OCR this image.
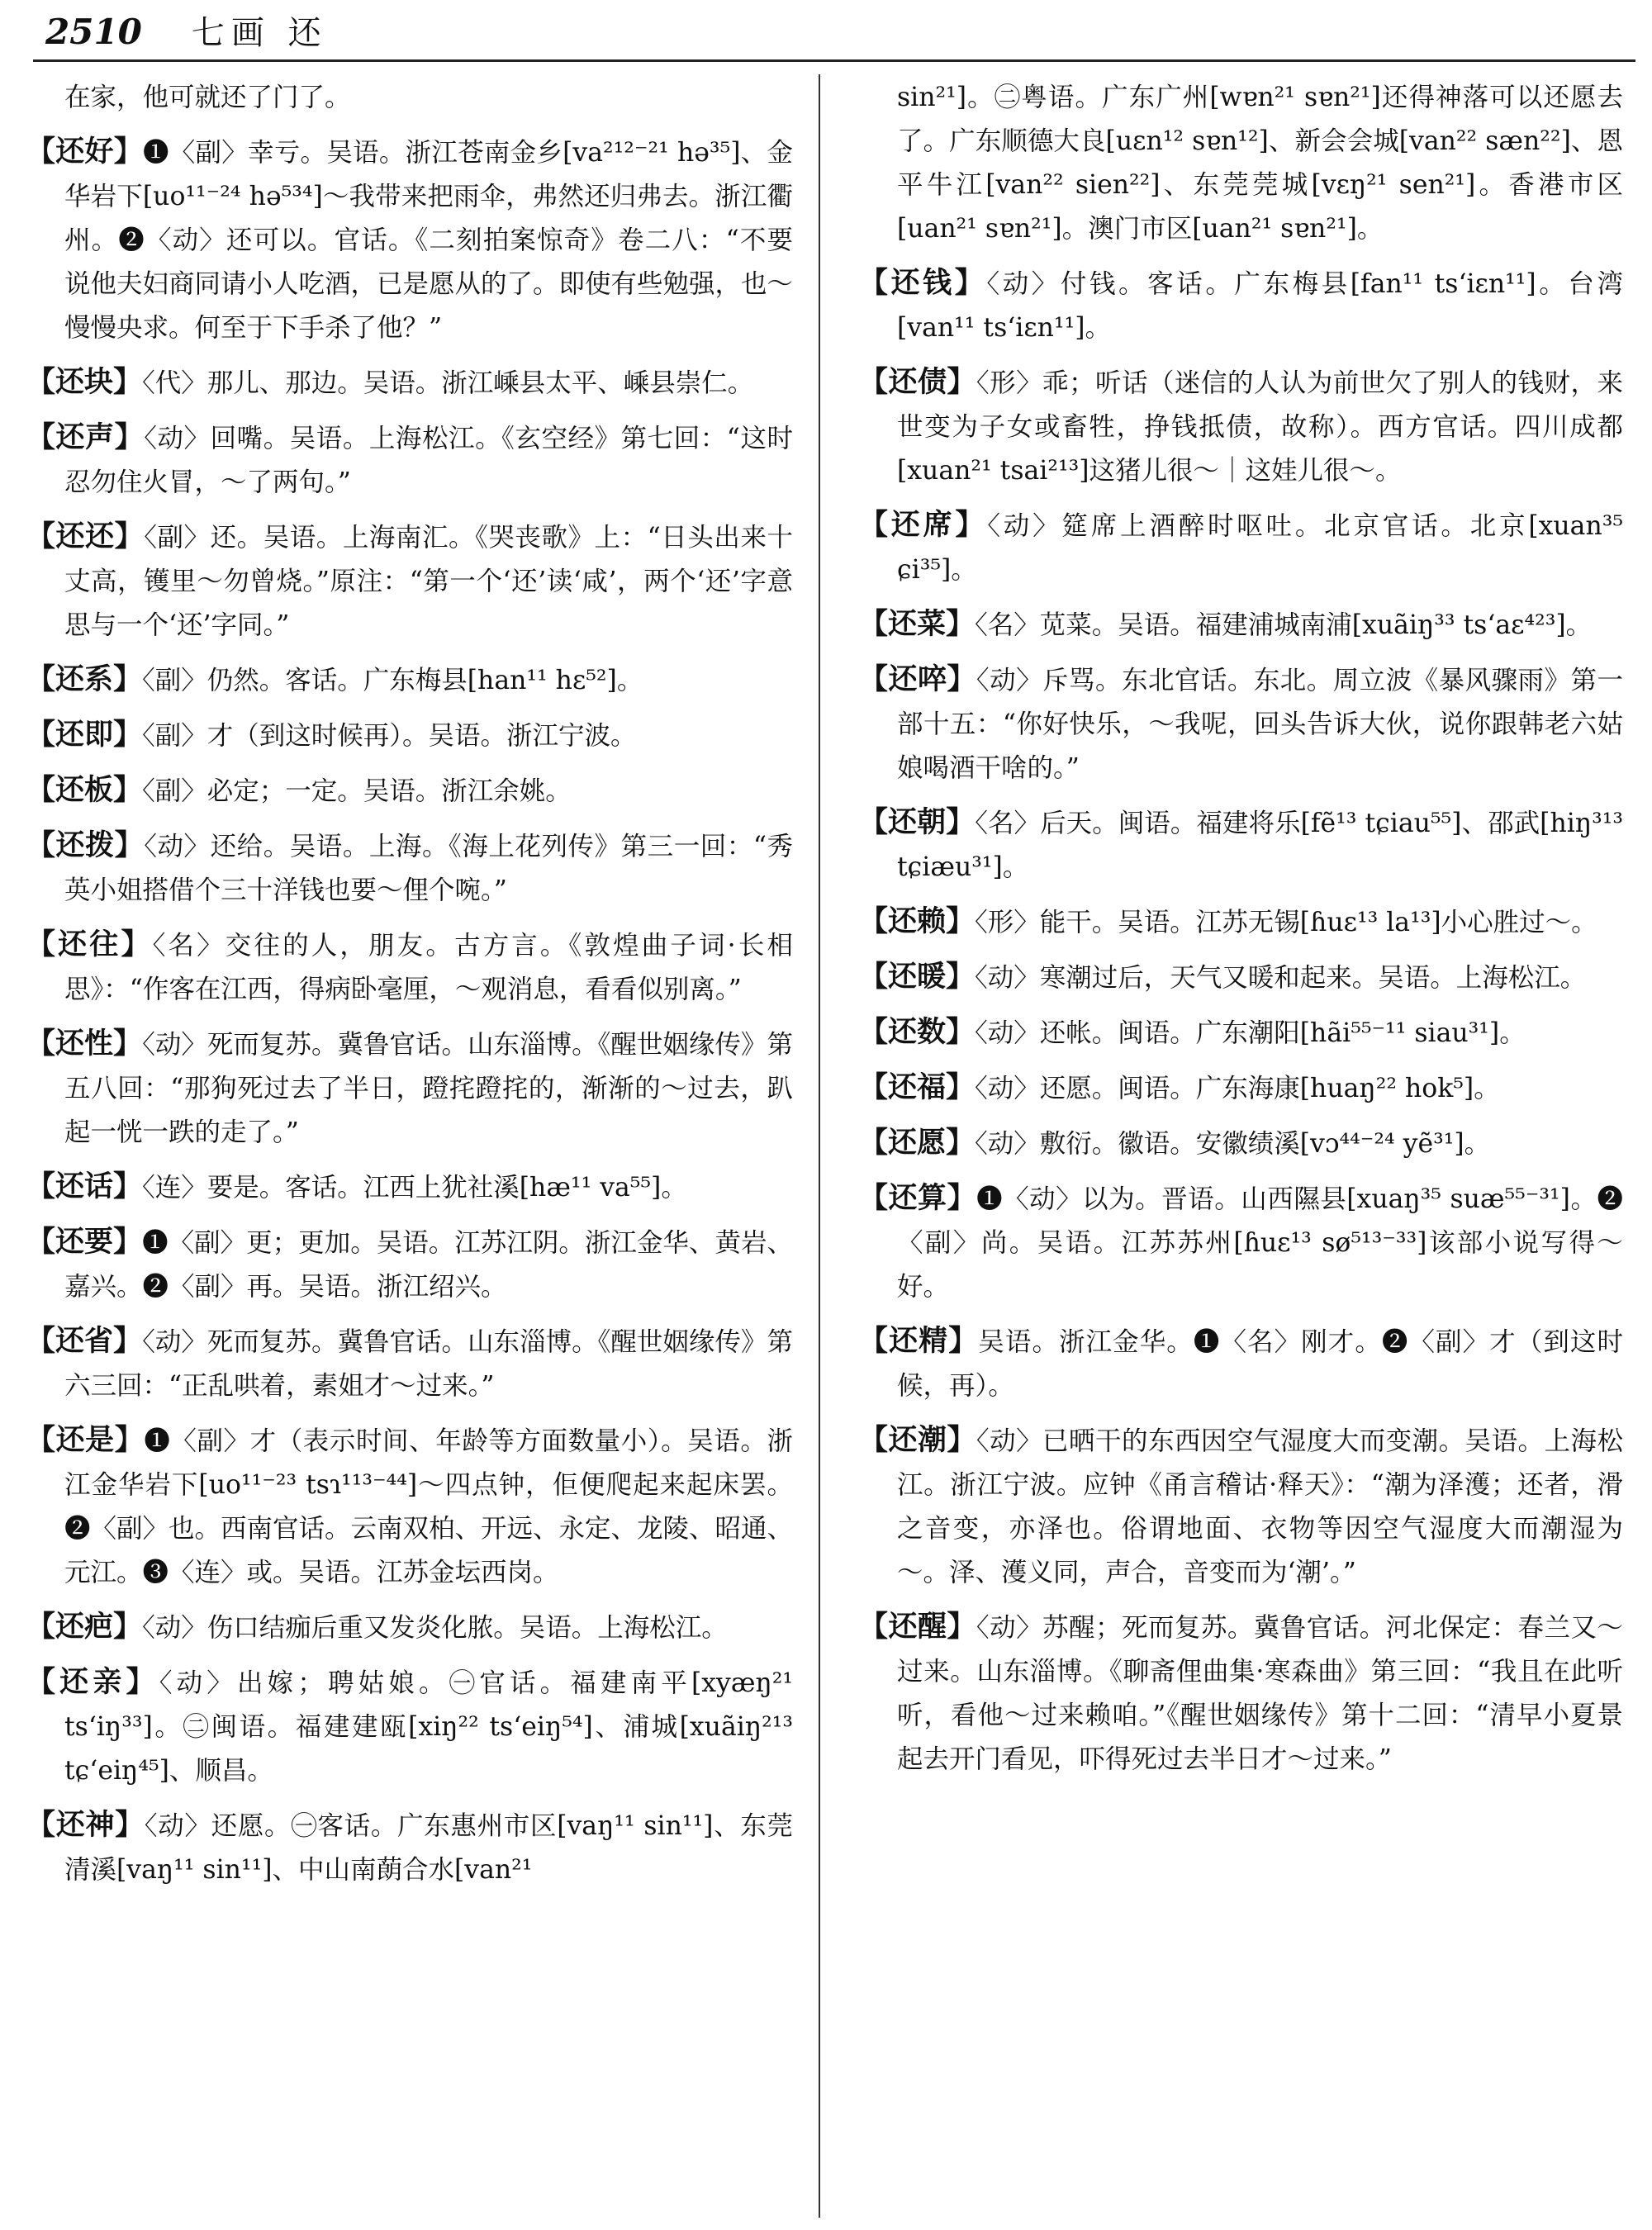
2510 七画 还

在家，他可就还了门了。

【还好】❶〈副〉幸亏。吴语。浙江苍南金乡[va²¹²⁻²¹ hə³⁵]、金华岩下[uo¹¹⁻²⁴ hə⁵³⁴]～我带来把雨伞，弗然还归弗去。浙江衢州。❷〈动〉还可以。官话。《二刻拍案惊奇》卷二八：“不要说他夫妇商同请小人吃酒，已是愿从的了。即使有些勉强，也～慢慢央求。何至于下手杀了他？”

【还块】〈代〉那儿、那边。吴语。浙江嵊县太平、嵊县崇仁。

【还声】〈动〉回嘴。吴语。上海松江。《玄空经》第七回：“这时忍勿住火冒，～了两句。”

【还还】〈副〉还。吴语。上海南汇。《哭丧歌》上：“日头出来十丈高，镬里～勿曾烧。”原注：“第一个‘还’读‘咸’，两个‘还’字意思与一个‘还’字同。”

【还系】〈副〉仍然。客话。广东梅县[han¹¹ hɛ⁵²]。

【还即】〈副〉才（到这时候再）。吴语。浙江宁波。

【还板】〈副〉必定；一定。吴语。浙江余姚。

【还拨】〈动〉还给。吴语。上海。《海上花列传》第三一回：“秀英小姐搭借个三十洋钱也要～俚个啘。”

【还往】〈名〉交往的人，朋友。古方言。《敦煌曲子词·长相思》：“作客在江西，得病卧毫厘，～观消息，看看似别离。”

【还性】〈动〉死而复苏。冀鲁官话。山东淄博。《醒世姻缘传》第五八回：“那狗死过去了半日，蹬挓蹬挓的，渐渐的～过去，趴起一恍一跌的走了。”

【还话】〈连〉要是。客话。江西上犹社溪[hæ¹¹ va⁵⁵]。

【还要】❶〈副〉更；更加。吴语。江苏江阴。浙江金华、黄岩、嘉兴。❷〈副〉再。吴语。浙江绍兴。

【还省】〈动〉死而复苏。冀鲁官话。山东淄博。《醒世姻缘传》第六三回：“正乱哄着，素姐才～过来。”

【还是】❶〈副〉才（表示时间、年龄等方面数量小）。吴语。浙江金华岩下[uo¹¹⁻²³ tsɿ¹¹³⁻⁴⁴]～四点钟，佢便爬起来起床罢。❷〈副〉也。西南官话。云南双柏、开远、永定、龙陵、昭通、元江。❸〈连〉或。吴语。江苏金坛西岗。

【还疤】〈动〉伤口结痂后重又发炎化脓。吴语。上海松江。

【还亲】〈动〉出嫁；聘姑娘。㊀官话。福建南平[xyæŋ²¹ tsʻiŋ³³]。㊁闽语。福建建瓯[xiŋ²² tsʻeiŋ⁵⁴]、浦城[xuãiŋ²¹³ tɕʻeiŋ⁴⁵]、顺昌。

【还神】〈动〉还愿。㊀客话。广东惠州市区[vaŋ¹¹ sin¹¹]、东莞清溪[vaŋ¹¹ sin¹¹]、中山南蓢合水[van²¹

sin²¹]。㊁粤语。广东广州[wɐn²¹ sɐn²¹]还得神落可以还愿去了。广东顺德大良[uɛn¹² sɐn¹²]、新会会城[van²² sæn²²]、恩平牛江[van²² sien²²]、东莞莞城[vɛŋ²¹ sen²¹]。香港市区[uan²¹ sɐn²¹]。澳门市区[uan²¹ sɐn²¹]。

【还钱】〈动〉付钱。客话。广东梅县[fan¹¹ tsʻiɛn¹¹]。台湾[van¹¹ tsʻiɛn¹¹]。

【还债】〈形〉乖；听话（迷信的人认为前世欠了别人的钱财，来世变为子女或畜牲，挣钱抵债，故称）。西方官话。四川成都[xuan²¹ tsai²¹³]这猪儿很～｜这娃儿很～。

【还席】〈动〉筵席上酒醉时呕吐。北京官话。北京[xuan³⁵ ɕi³⁵]。

【还菜】〈名〉苋菜。吴语。福建浦城南浦[xuãiŋ³³ tsʻaɛ⁴²³]。

【还啐】〈动〉斥骂。东北官话。东北。周立波《暴风骤雨》第一部十五：“你好快乐，～我呢，回头告诉大伙，说你跟韩老六姑娘喝酒干啥的。”

【还朝】〈名〉后天。闽语。福建将乐[fẽ¹³ tɕiau⁵⁵]、邵武[hiŋ³¹³ tɕiæu³¹]。

【还赖】〈形〉能干。吴语。江苏无锡[ɦuɛ¹³ la¹³]小心胜过～。

【还暖】〈动〉寒潮过后，天气又暖和起来。吴语。上海松江。

【还数】〈动〉还帐。闽语。广东潮阳[hãi⁵⁵⁻¹¹ siau³¹]。

【还福】〈动〉还愿。闽语。广东海康[huaŋ²² hok⁵]。

【还愿】〈动〉敷衍。徽语。安徽绩溪[vɔ⁴⁴⁻²⁴ yẽ³¹]。

【还算】❶〈动〉以为。晋语。山西隰县[xuaŋ³⁵ suæ⁵⁵⁻³¹]。❷〈副〉尚。吴语。江苏苏州[ɦuɛ¹³ sø⁵¹³⁻³³]该部小说写得～好。

【还精】吴语。浙江金华。❶〈名〉刚才。❷〈副〉才（到这时候，再）。

【还潮】〈动〉已晒干的东西因空气湿度大而变潮。吴语。上海松江。浙江宁波。应钟《甬言稽诂·释天》：“潮为泽濩；还者，滑之音变，亦泽也。俗谓地面、衣物等因空气湿度大而潮湿为～。泽、濩义同，声合，音变而为‘潮’。”

【还醒】〈动〉苏醒；死而复苏。冀鲁官话。河北保定：春兰又～过来。山东淄博。《聊斋俚曲集·寒森曲》第三回：“我且在此听听，看他～过来赖咱。”《醒世姻缘传》第十二回：“清早小夏景起去开门看见，吓得死过去半日才～过来。”
